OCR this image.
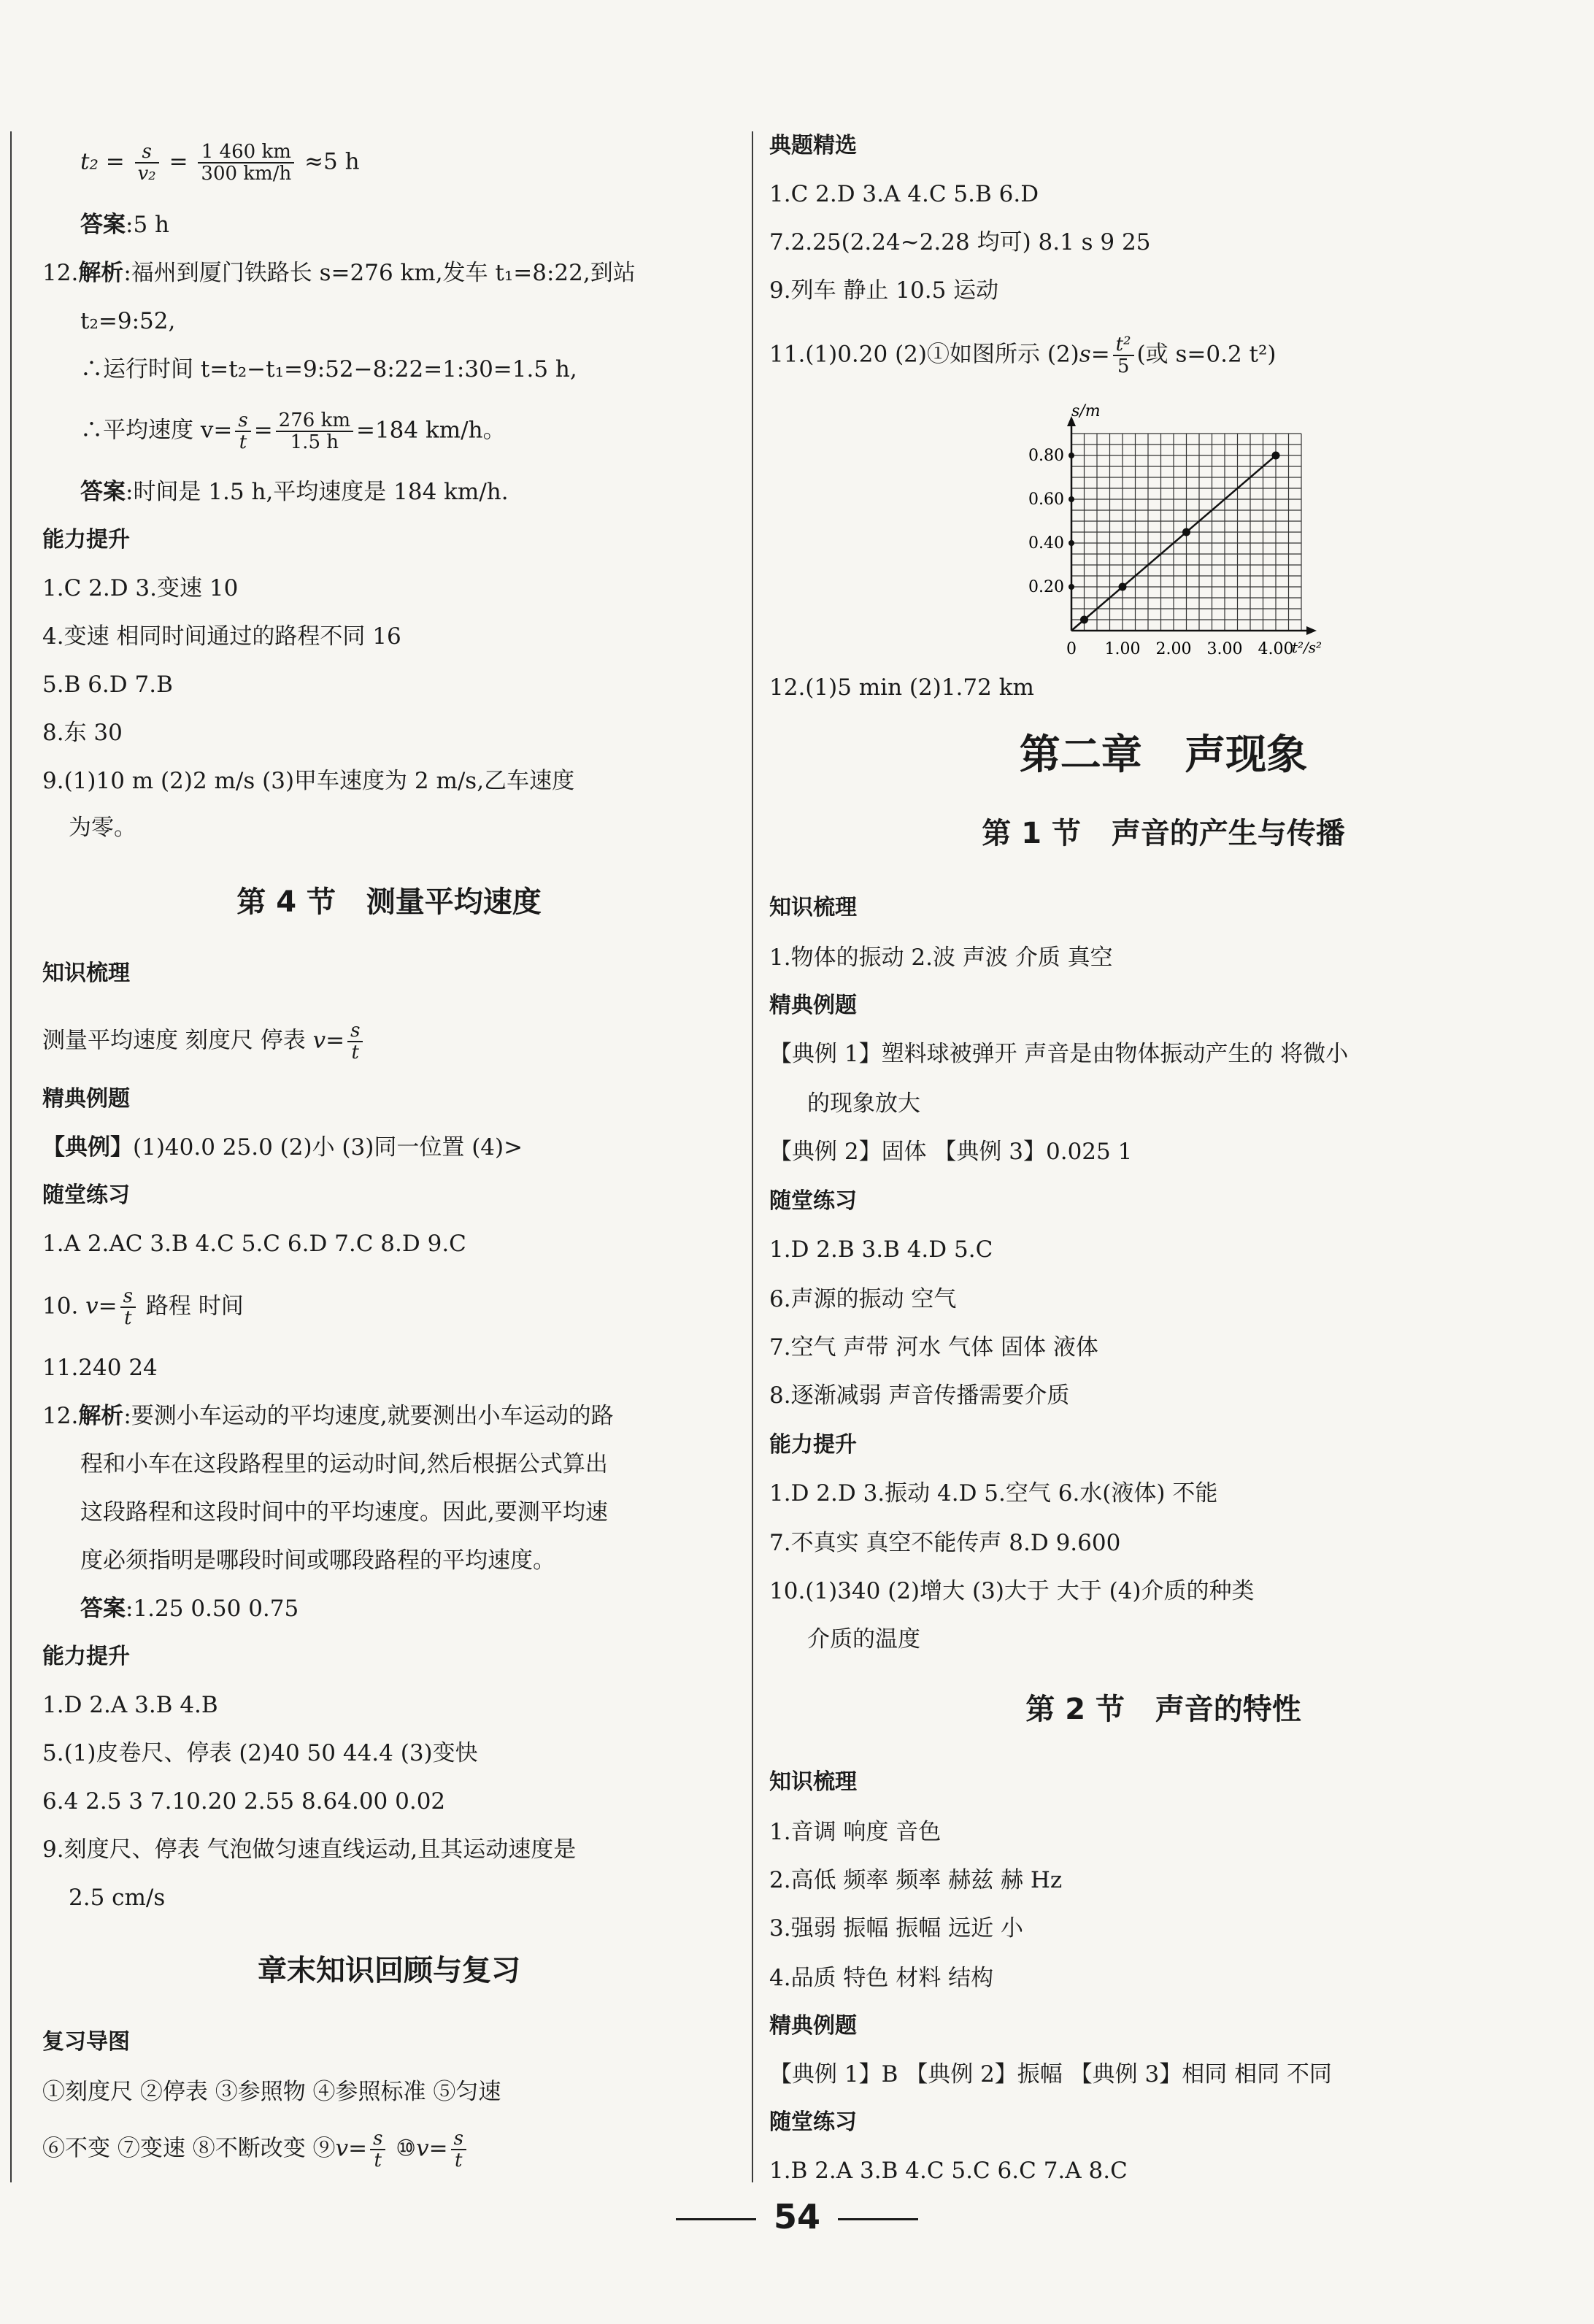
$t_2 = \frac{s}{\text{v₂}} = \frac{1 460 km}{300 km/h} \approx 5$ h
答案:5 h
12.解析:福州到厦门铁路长 s=276 km,发车 t₁=8:22,到站
t₂=9:52,
∴运行时间 t=t₂−t₁=9:52−8:22=1:30=1.5 h,
∴平均速度 $v= \frac{s}{t} = \frac{276 km}{1.5 h} =184$ km/h。
答案:时间是 1.5 h,平均速度是 184 km/h.
能力提升
1.C 2.D 3.变速 10
4.变速 相同时间通过的路程不同 16
5.B 6.D 7.B
8.东 30
9.(1)10 m (2)2 m/s (3)甲车速度为 2 m/s,乙车速度
为零。
第 4 节   测量平均速度
知识梳理
测量平均速度 刻度尺 停表 $v= \frac{s}{t}$
精典例题
【典例】(1)40.0 25.0 (2)小 (3)同一位置 (4)>
随堂练习
1.A 2.AC 3.B 4.C 5.C 6.D 7.C 8.D 9.C
10. $v= \frac{s}{t}$ 路程 时间
11.240 24
12.解析:要测小车运动的平均速度,就要测出小车运动的路
程和小车在这段路程里的运动时间,然后根据公式算出
这段路程和这段时间中的平均速度。因此,要测平均速
度必须指明是哪段时间或哪段路程的平均速度。
答案:1.25 0.50 0.75
能力提升
1.D 2.A 3.B 4.B
5.(1)皮卷尺、停表 (2)40 50 44.4 (3)变快
6.4 2.5 3 7.10.20 2.55 8.64.00 0.02
9.刻度尺、停表 气泡做匀速直线运动,且其运动速度是
2.5 cm/s
章末知识回顾与复习
复习导图
①刻度尺 ②停表 ③参照物 ④参照标准 ⑤匀速
⑥不变 ⑦变速 ⑧不断改变 ⑨v= $\frac{s}{t}$ ⑩v= $\frac{s}{t}$
典题精选
1.C 2.D 3.A 4.C 5.B 6.D
7.2.25(2.24~2.28 均可) 8.1 s 9 25
9.列车 静止 10.5 运动
11.(1)0.20 (2)①如图所示 $(2)s= \frac{\text{t²}}{5}$ (或 s=0.2 t²)
0.20
0.40
0.60
0.80
0 1.00 2.00 3.00 4.00
s/m
t²/s²
12.(1)5 min (2)1.72 km
第二章   声现象
第 1 节   声音的产生与传播
知识梳理
1.物体的振动 2.波 声波 介质 真空
精典例题
【典例 1】塑料球被弹开 声音是由物体振动产生的 将微小
的现象放大
【典例 2】固体 【典例 3】0.025 1
随堂练习
1.D 2.B 3.B 4.D 5.C
6.声源的振动 空气
7.空气 声带 河水 气体 固体 液体
8.逐渐减弱 声音传播需要介质
能力提升
1.D 2.D 3.振动 4.D 5.空气 6.水(液体) 不能
7.不真实 真空不能传声 8.D 9.600
10.(1)340 (2)增大 (3)大于 大于 (4)介质的种类
介质的温度
第 2 节   声音的特性
知识梳理
1.音调 响度 音色
2.高低 频率 频率 赫兹 赫 Hz
3.强弱 振幅 振幅 远近 小
4.品质 特色 材料 结构
精典例题
【典例 1】B 【典例 2】振幅 【典例 3】相同 相同 不同
随堂练习
1.B 2.A 3.B 4.C 5.C 6.C 7.A 8.C
54
